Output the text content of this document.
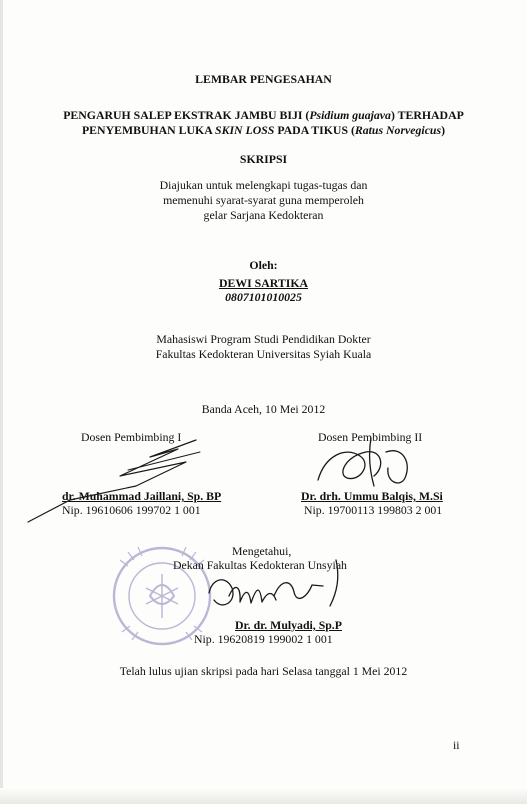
LEMBAR PENGESAHAN
PENGARUH SALEP EKSTRAK JAMBU BIJI (Psidium guajava) TERHADAP
PENYEMBUHAN LUKA SKIN LOSS PADA TIKUS (Ratus Norvegicus)
SKRIPSI
Diajukan untuk melengkapi tugas-tugas dan
memenuhi syarat-syarat guna memperoleh
gelar Sarjana Kedokteran
Oleh:
DEWI SARTIKA
0807101010025
Mahasiswi Program Studi Pendidikan Dokter
Fakultas Kedokteran Universitas Syiah Kuala
Banda Aceh, 10 Mei 2012
Dosen Pembimbing I
dr. Muhammad Jaillani, Sp. BP
Nip. 19610606 199702 1 001
Dosen Pembimbing II
Dr. drh. Ummu Balqis, M.Si
Nip. 19700113 199803 2 001
Mengetahui,
Dekan Fakultas Kedokteran Unsyiah
Dr. dr. Mulyadi, Sp.P
Nip. 19620819 199002 1 001
Telah lulus ujian skripsi pada hari Selasa tanggal 1 Mei 2012
ii
